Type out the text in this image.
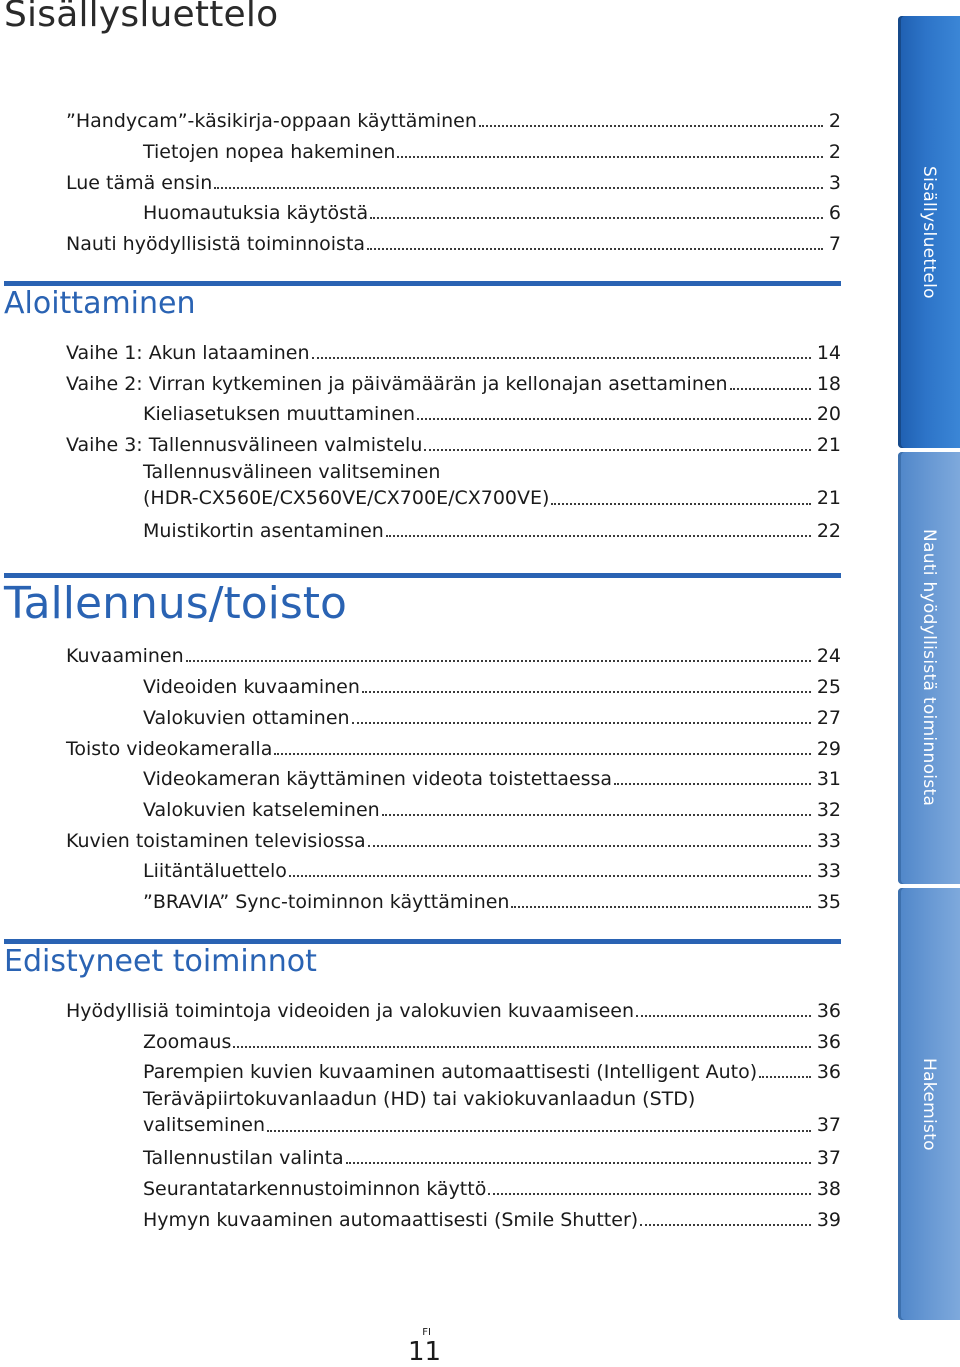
Sisällysluettelo
”Handycam”-käsikirja-oppaan käyttäminen	2
Tietojen nopea hakeminen	2
Lue tämä ensin	3
Huomautuksia käytöstä	6
Nauti hyödyllisistä toiminnoista	7
Aloittaminen
Vaihe 1: Akun lataaminen	14
Vaihe 2: Virran kytkeminen ja päivämäärän ja kellonajan asettaminen	18
Kieliasetuksen muuttaminen	20
Vaihe 3: Tallennusvälineen valmistelu	21
Tallennusvälineen valitseminen
(HDR-CX560E/CX560VE/CX700E/CX700VE)	21
Muistikortin asentaminen	22
Tallennus/toisto
Kuvaaminen	24
Videoiden kuvaaminen	25
Valokuvien ottaminen	27
Toisto videokameralla	29
Videokameran käyttäminen videota toistettaessa	31
Valokuvien katseleminen	32
Kuvien toistaminen televisiossa	33
Liitäntäluettelo	33
”BRAVIA” Sync-toiminnon käyttäminen	35
Edistyneet toiminnot
Hyödyllisiä toimintoja videoiden ja valokuvien kuvaamiseen	36
Zoomaus	36
Parempien kuvien kuvaaminen automaattisesti (Intelligent Auto)	36
Teräväpiirtokuvanlaadun (HD) tai vakiokuvanlaadun (STD)
valitseminen	37
Tallennustilan valinta	37
Seurantatarkennustoiminnon käyttö	38
Hymyn kuvaaminen automaattisesti (Smile Shutter)	39
Sisällysluettelo
Nauti hyödyllisistä toiminnoista
Hakemisto
FI
11
